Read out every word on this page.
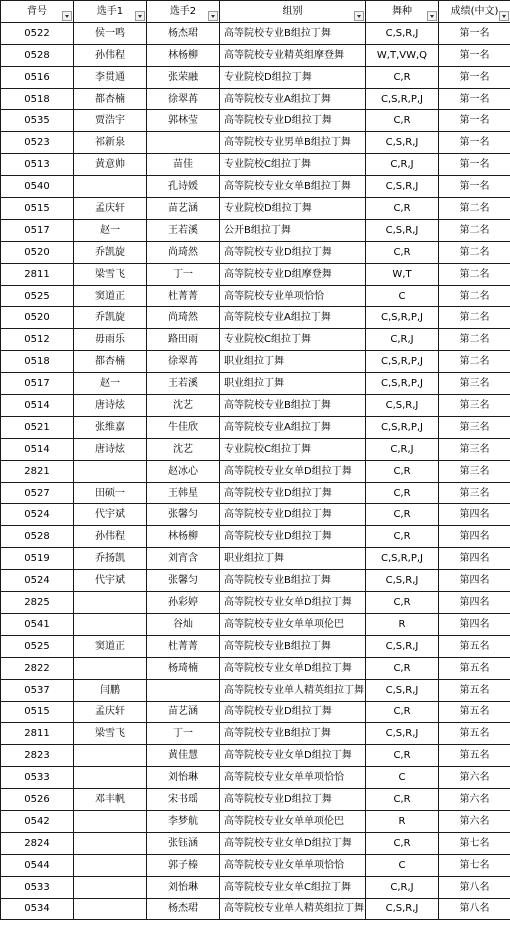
背号	选手1	选手2	组别	舞种	成绩(中文)

0522	侯一鸣	杨杰珺	高等院校专业B组拉丁舞	C,S,R,J	第一名
0528	孙伟程	林杨柳	高等院校专业精英组摩登舞	W,T,VW,Q	第一名
0516	李贯通	张荣融	专业院校D组拉丁舞	C,R	第一名
0518	都杏楠	徐翠苒	高等院校专业A组拉丁舞	C,S,R,P,J	第一名
0535	贾浩宇	郭林莹	高等院校专业D组拉丁舞	C,R	第一名
0523	祁新泉		高等院校专业男单B组拉丁舞	C,S,R,J	第一名
0513	黄意帅	苗佳	专业院校C组拉丁舞	C,R,J	第一名
0540		孔诗媛	高等院校专业女单B组拉丁舞	C,S,R,J	第一名
0515	孟庆轩	苗艺涵	专业院校D组拉丁舞	C,R	第二名
0517	赵一	王若溪	公开B组拉丁舞	C,S,R,J	第二名
0520	乔凯旋	尚琦然	高等院校专业D组拉丁舞	C,R	第二名
2811	梁雪飞	丁一	高等院校专业D组摩登舞	W,T	第二名
0525	窦道正	杜菁菁	高等院校专业单项恰恰	C	第二名
0520	乔凯旋	尚琦然	高等院校专业A组拉丁舞	C,S,R,P,J	第二名
0512	毋雨乐	路田雨	专业院校C组拉丁舞	C,R,J	第二名
0518	都杏楠	徐翠苒	职业组拉丁舞	C,S,R,P,J	第二名
0517	赵一	王若溪	职业组拉丁舞	C,S,R,P,J	第三名
0514	唐诗炫	沈艺	高等院校专业B组拉丁舞	C,S,R,J	第三名
0521	张维嘉	牛佳欣	高等院校专业A组拉丁舞	C,S,R,P,J	第三名
0514	唐诗炫	沈艺	专业院校C组拉丁舞	C,R,J	第三名
2821		赵冰心	高等院校专业女单D组拉丁舞	C,R	第三名
0527	田硕一	王韩星	高等院校专业D组拉丁舞	C,R	第三名
0524	代宇斌	张馨匀	高等院校专业D组拉丁舞	C,R	第四名
0528	孙伟程	林杨柳	高等院校专业D组拉丁舞	C,R	第四名
0519	乔扬凯	刘宵含	职业组拉丁舞	C,S,R,P,J	第四名
0524	代宇斌	张馨匀	高等院校专业B组拉丁舞	C,S,R,J	第四名
2825		孙彩婷	高等院校专业女单D组拉丁舞	C,R	第四名
0541		谷灿	高等院校专业女单单项伦巴	R	第四名
0525	窦道正	杜菁菁	高等院校专业B组拉丁舞	C,S,R,J	第五名
2822		杨琦楠	高等院校专业女单D组拉丁舞	C,R	第五名
0537	闫鹏		高等院校专业单人精英组拉丁舞	C,S,R,J	第五名
0515	孟庆轩	苗艺涵	高等院校专业D组拉丁舞	C,R	第五名
2811	梁雪飞	丁一	高等院校专业B组拉丁舞	C,S,R,J	第五名
2823		黄佳慧	高等院校专业女单D组拉丁舞	C,R	第五名
0533		刘怡琳	高等院校专业女单单项恰恰	C	第六名
0526	邓丰帆	宋书瑶	高等院校专业D组拉丁舞	C,R	第六名
0542		李梦航	高等院校专业女单单项伦巴	R	第六名
2824		张钰涵	高等院校专业女单D组拉丁舞	C,R	第七名
0544		郭子榛	高等院校专业女单单项恰恰	C	第七名
0533		刘怡琳	高等院校专业女单C组拉丁舞	C,R,J	第八名
0534		杨杰珺	高等院校专业单人精英组拉丁舞	C,S,R,J	第八名
